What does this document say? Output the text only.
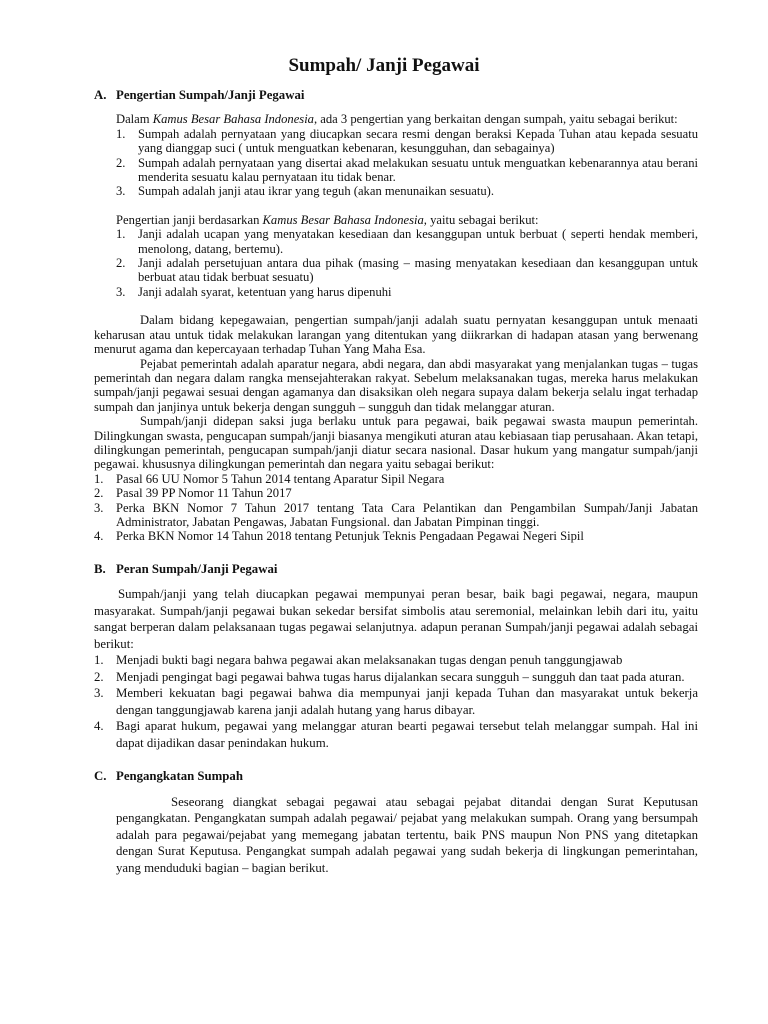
Sumpah/ Janji Pegawai
A. Pengertian Sumpah/Janji Pegawai

Dalam Kamus Besar Bahasa Indonesia, ada 3 pengertian yang berkaitan dengan sumpah, yaitu sebagai berikut:

1. Sumpah adalah pernyataan yang diucapkan secara resmi dengan beraksi Kepada Tuhan atau kepada sesuatu yang dianggap suci ( untuk menguatkan kebenaran, kesungguhan, dan sebagainya)
2. Sumpah adalah pernyataan yang disertai akad melakukan sesuatu untuk menguatkan kebenarannya atau berani menderita sesuatu kalau pernyataan itu tidak benar.
3. Sumpah adalah janji atau ikrar yang teguh (akan menunaikan sesuatu).

Pengertian janji berdasarkan Kamus Besar Bahasa Indonesia, yaitu sebagai berikut:

1. Janji adalah ucapan yang menyatakan kesediaan dan kesanggupan untuk berbuat ( seperti hendak memberi, menolong, datang, bertemu).
2. Janji adalah persetujuan antara dua pihak (masing – masing menyatakan kesediaan dan kesanggupan untuk berbuat atau tidak berbuat sesuatu)
3. Janji adalah syarat, ketentuan yang harus dipenuhi

Dalam bidang kepegawaian, pengertian sumpah/janji adalah suatu pernyatan kesanggupan untuk menaati keharusan atau untuk tidak melakukan larangan yang ditentukan yang diikrarkan di hadapan atasan yang berwenang menurut agama dan kepercayaan terhadap Tuhan Yang Maha Esa.

Pejabat pemerintah adalah aparatur negara, abdi negara, dan abdi masyarakat yang menjalankan tugas – tugas pemerintah dan negara dalam rangka mensejahterakan rakyat. Sebelum melaksanakan tugas, mereka harus melakukan sumpah/janji pegawai sesuai dengan agamanya dan disaksikan oleh negara supaya dalam bekerja selalu ingat terhadap sumpah dan janjinya untuk bekerja dengan sungguh – sungguh dan tidak melanggar aturan.

Sumpah/janji didepan saksi juga berlaku untuk para pegawai, baik pegawai swasta maupun pemerintah. Dilingkungan swasta, pengucapan sumpah/janji biasanya mengikuti aturan atau kebiasaan tiap perusahaan. Akan tetapi, dilingkungan pemerintah, pengucapan sumpah/janji diatur secara nasional. Dasar hukum yang mangatur sumpah/janji pegawai. khususnya dilingkungan pemerintah dan negara yaitu sebagai berikut:

1. Pasal 66 UU Nomor 5 Tahun 2014 tentang Aparatur Sipil Negara
2. Pasal 39 PP Nomor 11 Tahun 2017
3. Perka BKN Nomor 7 Tahun 2017 tentang Tata Cara Pelantikan dan Pengambilan Sumpah/Janji Jabatan Administrator, Jabatan Pengawas, Jabatan Fungsional. dan Jabatan Pimpinan tinggi.
4. Perka BKN Nomor 14 Tahun 2018 tentang Petunjuk Teknis Pengadaan Pegawai Negeri Sipil
B. Peran Sumpah/Janji Pegawai

Sumpah/janji yang telah diucapkan pegawai mempunyai peran besar, baik bagi pegawai, negara, maupun masyarakat. Sumpah/janji pegawai bukan sekedar bersifat simbolis atau seremonial, melainkan lebih dari itu, yaitu sangat berperan dalam pelaksanaan tugas pegawai selanjutnya. adapun peranan Sumpah/janji pegawai adalah sebagai berikut:

1. Menjadi bukti bagi negara bahwa pegawai akan melaksanakan tugas dengan penuh tanggungjawab
2. Menjadi pengingat bagi pegawai bahwa tugas harus dijalankan secara sungguh – sungguh dan taat pada aturan.
3. Memberi kekuatan bagi pegawai bahwa dia mempunyai janji kepada Tuhan dan masyarakat untuk bekerja dengan tanggungjawab karena janji adalah hutang yang harus dibayar.
4. Bagi aparat hukum, pegawai yang melanggar aturan bearti pegawai tersebut telah melanggar sumpah. Hal ini dapat dijadikan dasar penindakan hukum.
C. Pengangkatan Sumpah

Seseorang diangkat sebagai pegawai atau sebagai pejabat ditandai dengan Surat Keputusan pengangkatan. Pengangkatan sumpah adalah pegawai/ pejabat yang melakukan sumpah. Orang yang bersumpah adalah para pegawai/pejabat yang memegang jabatan tertentu, baik PNS maupun Non PNS yang ditetapkan dengan Surat Keputusa. Pengangkat sumpah adalah pegawai yang sudah bekerja di lingkungan pemerintahan, yang menduduki bagian – bagian berikut.
